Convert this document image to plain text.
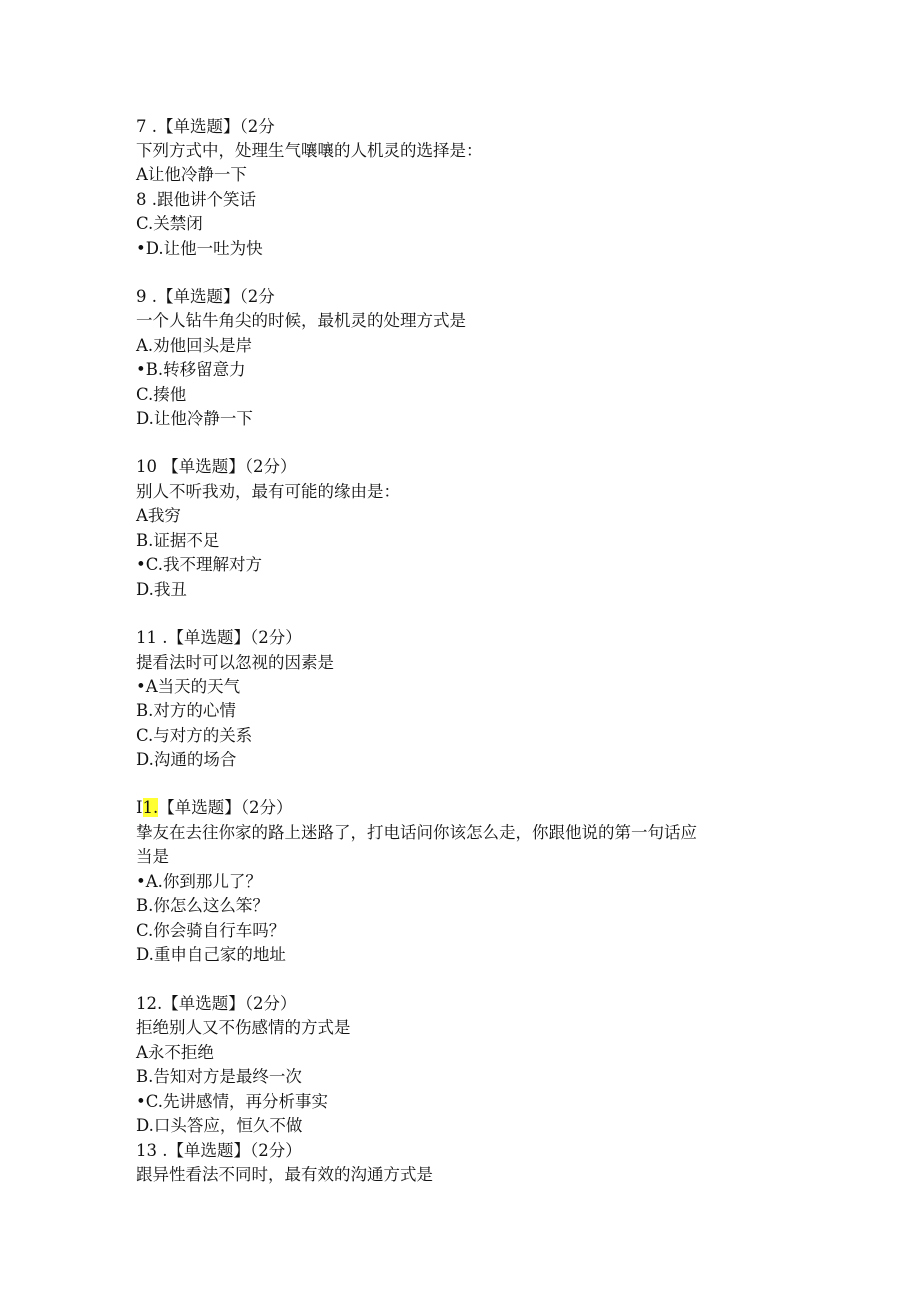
7 .【单选题】（2分
下列方式中，处理生气嚷嚷的人机灵的选择是：
A让他冷静一下
8 .跟他讲个笑话
C.关禁闭
•D.让他一吐为快
9 .【单选题】（2分
一个人钻牛角尖的时候，最机灵的处理方式是
A.劝他回头是岸
•B.转移留意力
C.揍他
D.让他冷静一下
10 【单选题】（2分）
别人不听我劝，最有可能的缘由是：
A我穷
B.证据不足
•C.我不理解对方
D.我丑
11 .【单选题】（2分）
提看法时可以忽视的因素是
•A当天的天气
B.对方的心情
C.与对方的关系
D.沟通的场合
I1.【单选题】（2分）
挚友在去往你家的路上迷路了，打电话问你该怎么走，你跟他说的第一句话应
当是
•A.你到那儿了？
B.你怎么这么笨？
C.你会骑自行车吗？
D.重申自己家的地址
12.【单选题】（2分）
拒绝别人又不伤感情的方式是
A永不拒绝
B.告知对方是最终一次
•C.先讲感情，再分析事实
D.口头答应，恒久不做
13 .【单选题】（2分）
跟异性看法不同时，最有效的沟通方式是
